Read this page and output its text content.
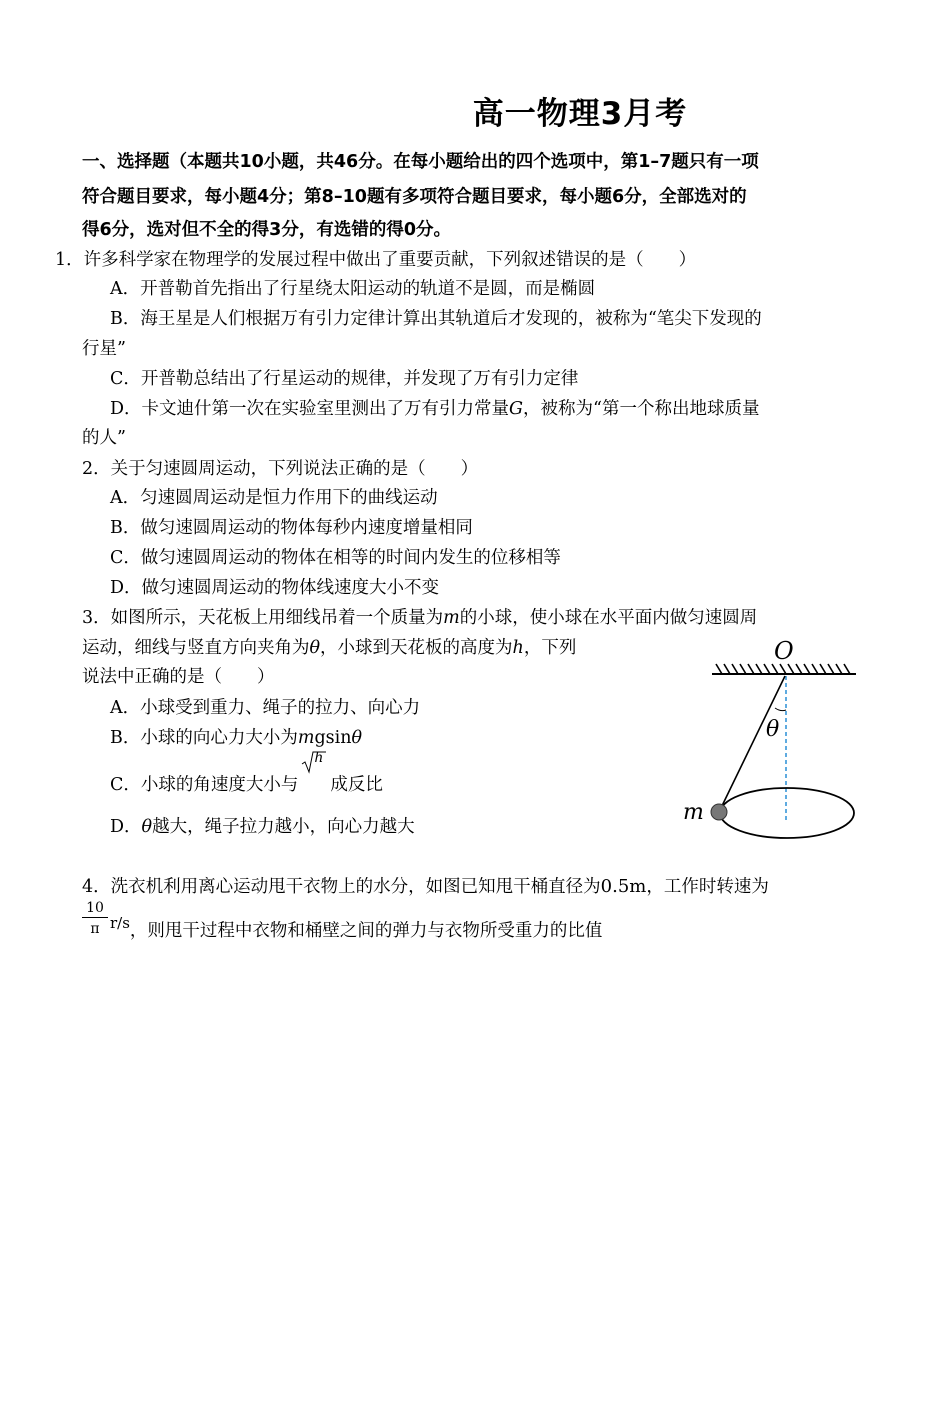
高一物理3月考
一、选择题（本题共10小题，共46分。在每小题给出的四个选项中，第1–7题只有一项
符合题目要求，每小题4分；第8–10题有多项符合题目要求，每小题6分，全部选对的
得6分，选对但不全的得3分，有选错的得0分。
1．许多科学家在物理学的发展过程中做出了重要贡献，下列叙述错误的是（　　）
A．开普勒首先指出了行星绕太阳运动的轨道不是圆，而是椭圆
B．海王星是人们根据万有引力定律计算出其轨道后才发现的，被称为“笔尖下发现的
行星”
C．开普勒总结出了行星运动的规律，并发现了万有引力定律
D．卡文迪什第一次在实验室里测出了万有引力常量G，被称为“第一个称出地球质量
的人”
2．关于匀速圆周运动，下列说法正确的是（　　）
A．匀速圆周运动是恒力作用下的曲线运动
B．做匀速圆周运动的物体每秒内速度增量相同
C．做匀速圆周运动的物体在相等的时间内发生的位移相等
D．做匀速圆周运动的物体线速度大小不变
3．如图所示，天花板上用细线吊着一个质量为m的小球，使小球在水平面内做匀速圆周
运动，细线与竖直方向夹角为θ，小球到天花板的高度为h，下列
说法中正确的是（　　）
A．小球受到重力、绳子的拉力、向心力
B．小球的向心力大小为mgsinθ
C．小球的角速度大小与
h
成反比
D．θ越大，绳子拉力越小，向心力越大
O
θ
m
4．洗衣机利用离心运动甩干衣物上的水分，如图已知甩干桶直径为0.5m，工作时转速为
$\frac{10}{\pi} r/s$，则甩干过程中衣物和桶壁之间的弹力与衣物所受重力的比值
